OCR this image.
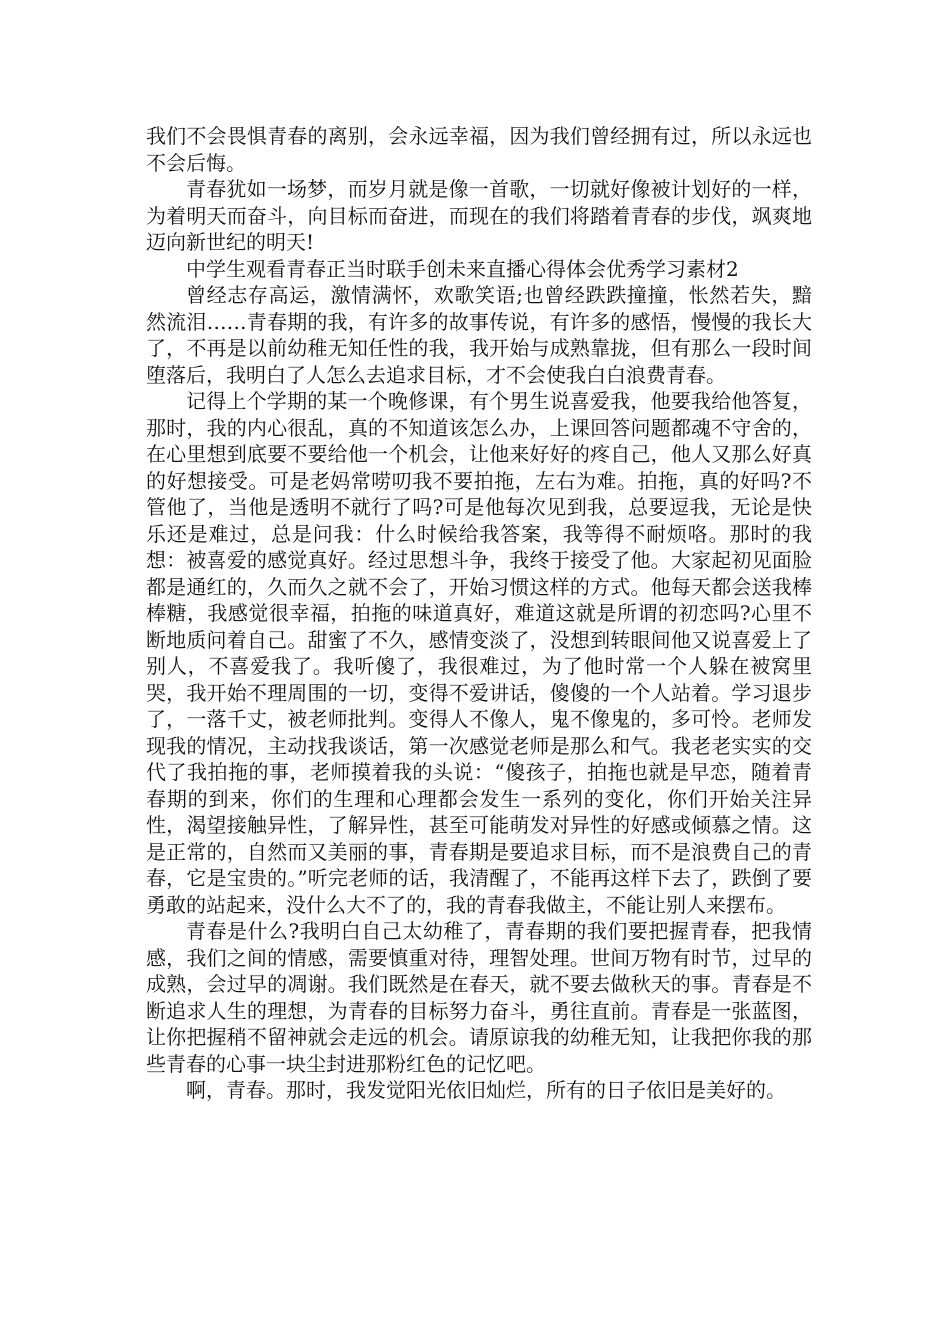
我们不会畏惧青春的离别，会永远幸福，因为我们曾经拥有过，所以永远也不会后悔。

青春犹如一场梦，而岁月就是像一首歌，一切就好像被计划好的一样，为着明天而奋斗，向目标而奋进，而现在的我们将踏着青春的步伐，飒爽地迈向新世纪的明天!

中学生观看青春正当时联手创未来直播心得体会优秀学习素材2

曾经志存高运，激情满怀，欢歌笑语;也曾经跌跌撞撞，怅然若失，黯然流泪……青春期的我，有许多的故事传说，有许多的感悟，慢慢的我长大了，不再是以前幼稚无知任性的我，我开始与成熟靠拢，但有那么一段时间堕落后，我明白了人怎么去追求目标，才不会使我白白浪费青春。

记得上个学期的某一个晚修课，有个男生说喜爱我，他要我给他答复，那时，我的内心很乱，真的不知道该怎么办，上课回答问题都魂不守舍的，在心里想到底要不要给他一个机会，让他来好好的疼自己，他人又那么好真的好想接受。可是老妈常唠叨我不要拍拖，左右为难。拍拖，真的好吗?不管他了，当他是透明不就行了吗?可是他每次见到我，总要逗我，无论是快乐还是难过，总是问我：什么时候给我答案，我等得不耐烦咯。那时的我想：被喜爱的感觉真好。经过思想斗争，我终于接受了他。大家起初见面脸都是通红的，久而久之就不会了，开始习惯这样的方式。他每天都会送我棒棒糖，我感觉很幸福，拍拖的味道真好，难道这就是所谓的初恋吗?心里不断地质问着自己。甜蜜了不久，感情变淡了，没想到转眼间他又说喜爱上了别人，不喜爱我了。我听傻了，我很难过，为了他时常一个人躲在被窝里哭，我开始不理周围的一切，变得不爱讲话，傻傻的一个人站着。学习退步了，一落千丈，被老师批判。变得人不像人，鬼不像鬼的，多可怜。老师发现我的情况，主动找我谈话，第一次感觉老师是那么和气。我老老实实的交代了我拍拖的事，老师摸着我的头说：“傻孩子，拍拖也就是早恋，随着青春期的到来，你们的生理和心理都会发生一系列的变化，你们开始关注异性，渴望接触异性，了解异性，甚至可能萌发对异性的好感或倾慕之情。这是正常的，自然而又美丽的事，青春期是要追求目标，而不是浪费自己的青春，它是宝贵的。”听完老师的话，我清醒了，不能再这样下去了，跌倒了要勇敢的站起来，没什么大不了的，我的青春我做主，不能让别人来摆布。

青春是什么?我明白自己太幼稚了，青春期的我们要把握青春，把我情感，我们之间的情感，需要慎重对待，理智处理。世间万物有时节，过早的成熟，会过早的凋谢。我们既然是在春天，就不要去做秋天的事。青春是不断追求人生的理想，为青春的目标努力奋斗，勇往直前。青春是一张蓝图，让你把握稍不留神就会走远的机会。请原谅我的幼稚无知，让我把你我的那些青春的心事一块尘封进那粉红色的记忆吧。

啊，青春。那时，我发觉阳光依旧灿烂，所有的日子依旧是美好的。
